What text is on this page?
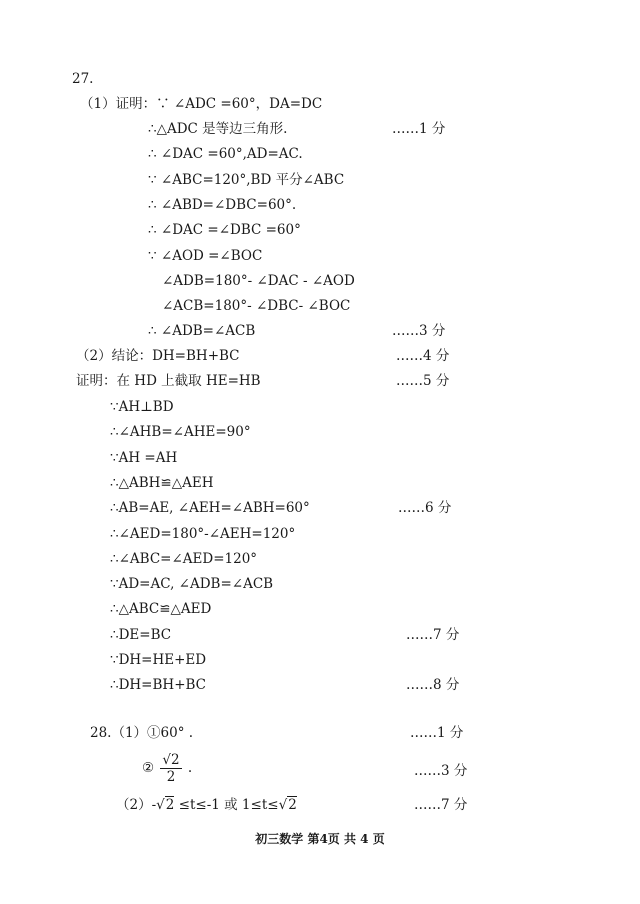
27.
（1）证明：∵ ∠ADC =60°，DA=DC
∴△ADC 是等边三角形.	……1 分
∴ ∠DAC =60°,AD=AC.
∵ ∠ABC=120°,BD 平分∠ABC
∴ ∠ABD=∠DBC=60°.
∴ ∠DAC =∠DBC =60°
∵ ∠AOD =∠BOC
∠ADB=180°- ∠DAC - ∠AOD
∠ACB=180°- ∠DBC- ∠BOC
∴ ∠ADB=∠ACB	……3 分
（2）结论：DH=BH+BC	……4 分
证明：在 HD 上截取 HE=HB	……5 分
∵AH⊥BD
∴∠AHB=∠AHE=90°
∵AH =AH
∴△ABH≌△AEH
∴AB=AE, ∠AEH=∠ABH=60°	……6 分
∴∠AED=180°-∠AEH=120°
∴∠ABC=∠AED=120°
∵AD=AC, ∠ADB=∠ACB
∴△ABC≌△AED
∴DE=BC	……7 分
∵DH=HE+ED
∴DH=BH+BC	……8 分
28.（1）①60° .	……1 分
② $\frac{√2}{2}$ .	……3 分
（2）-√2 ≤t≤-1 或 1≤t≤√2	……7 分
初三数学 第4页 共 4 页
